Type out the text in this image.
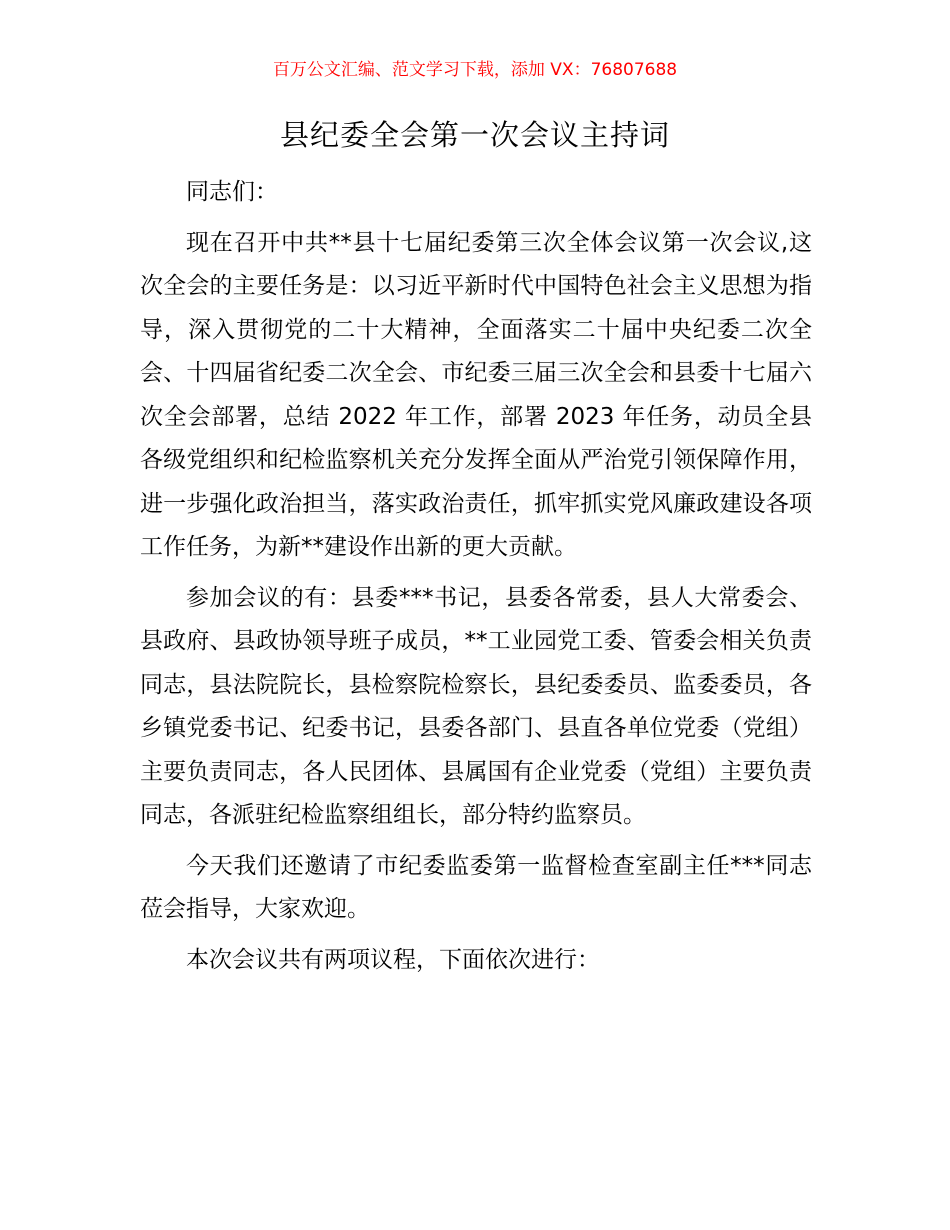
百万公文汇编、范文学习下载，添加 VX：76807688
县纪委全会第一次会议主持词

同志们：

现在召开中共**县十七届纪委第三次全体会议第一次会议,这次全会的主要任务是：以习近平新时代中国特色社会主义思想为指导，深入贯彻党的二十大精神，全面落实二十届中央纪委二次全会、十四届省纪委二次全会、市纪委三届三次全会和县委十七届六次全会部署，总结 2022 年工作，部署 2023 年任务，动员全县各级党组织和纪检监察机关充分发挥全面从严治党引领保障作用，进一步强化政治担当，落实政治责任，抓牢抓实党风廉政建设各项工作任务，为新**建设作出新的更大贡献。

参加会议的有：县委***书记，县委各常委，县人大常委会、县政府、县政协领导班子成员，**工业园党工委、管委会相关负责同志，县法院院长，县检察院检察长，县纪委委员、监委委员，各乡镇党委书记、纪委书记，县委各部门、县直各单位党委（党组）主要负责同志，各人民团体、县属国有企业党委（党组）主要负责同志，各派驻纪检监察组组长，部分特约监察员。

今天我们还邀请了市纪委监委第一监督检查室副主任***同志莅会指导，大家欢迎。

本次会议共有两项议程，下面依次进行：
